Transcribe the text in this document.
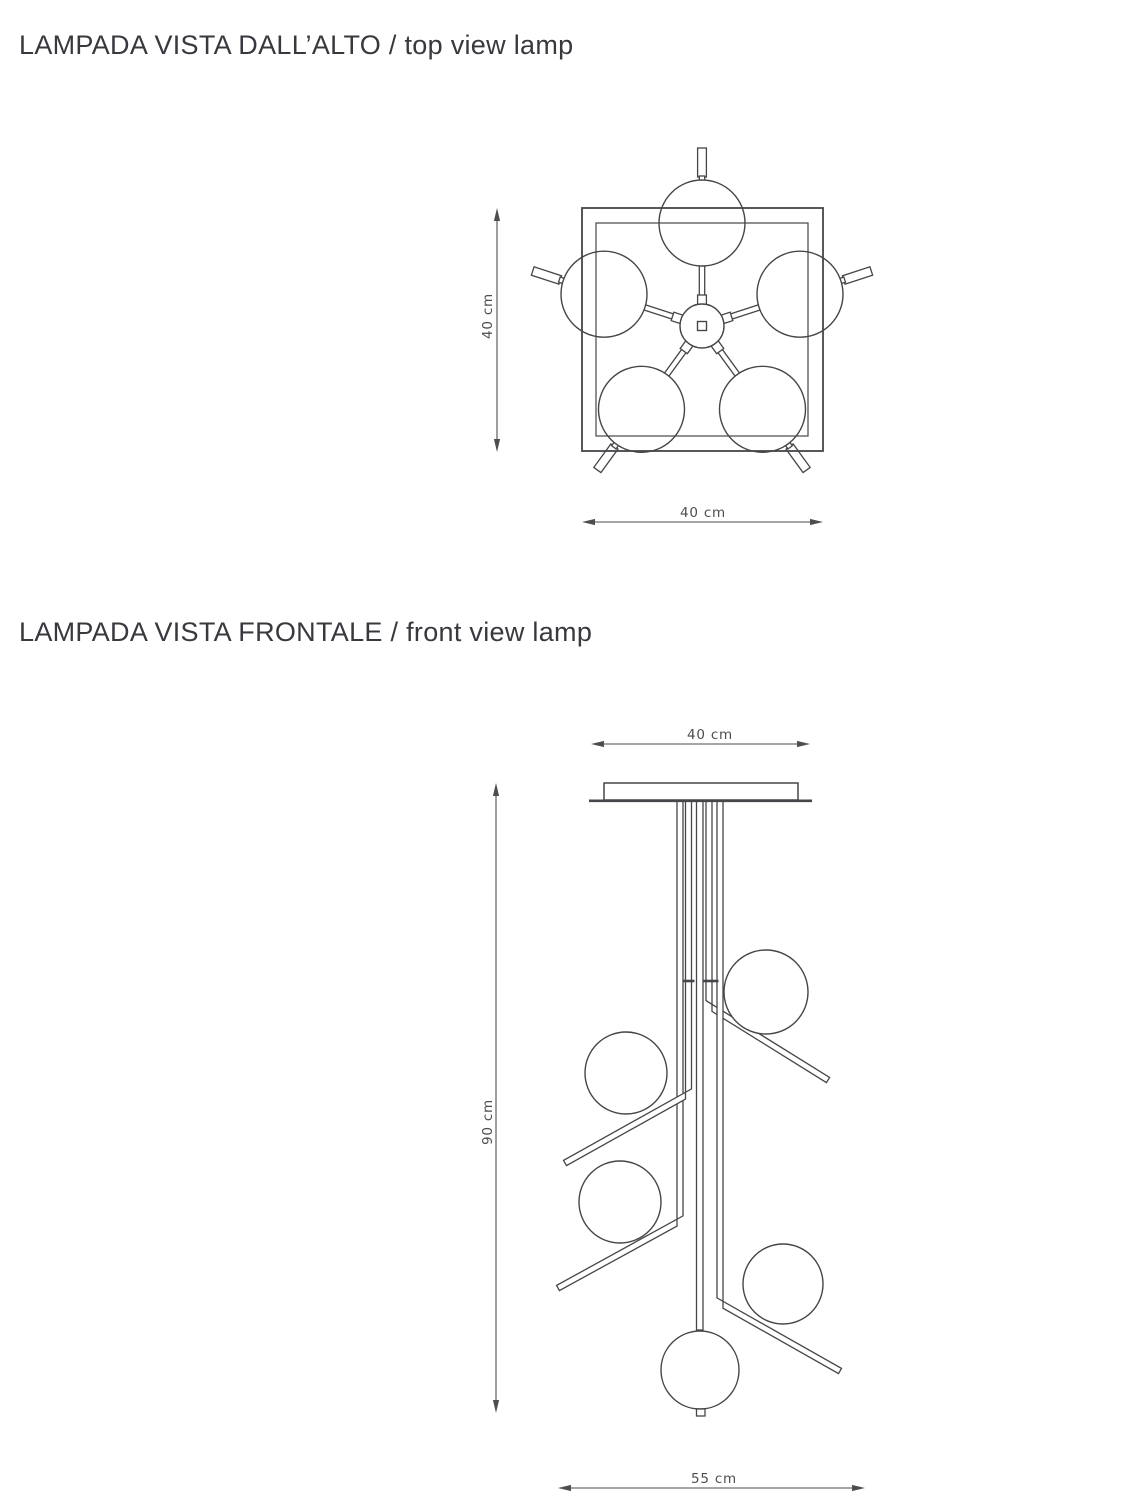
LAMPADA VISTA DALL’ALTO / top view lamp
LAMPADA VISTA FRONTALE / front view lamp
40 cm
40 cm
40 cm
90 cm
55 cm
